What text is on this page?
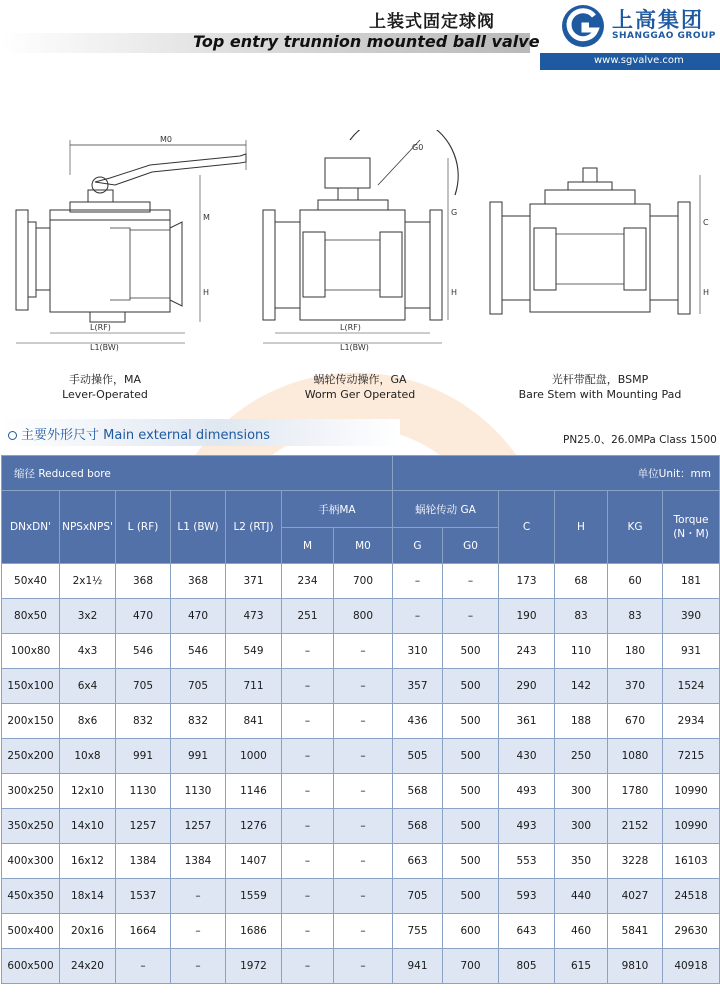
上装式固定球阀
Top entry trunnion mounted ball valve
上高集团
SHANGGAO GROUP
www.sgvalve.com
M0
M
H
L(RF)
L1(BW)
G0
G
H
L(RF)
L1(BW)
C
H
手动操作，MA
Lever-Operated
蜗轮传动操作，GA
Worm Ger Operated
光杆带配盘，BSMP
Bare Stem with Mounting Pad
主要外形尺寸 Main external dimensions	PN25.0、26.0MPa Class 1500
缩径 Reduced bore							单位Unit：mm					
DNxDN'	NPSxNPS'	L (RF)	L1 (BW)	L2 (RTJ)	手柄MA		蜗轮传动 GA		C	H	KG	Torque (N・M)
					M	M0	G	G0				
50x40	2x1½	368	368	371	234	700	–	–	173	68	60	181
80x50	3x2	470	470	473	251	800	–	–	190	83	83	390
100x80	4x3	546	546	549	–	–	310	500	243	110	180	931
150x100	6x4	705	705	711	–	–	357	500	290	142	370	1524
200x150	8x6	832	832	841	–	–	436	500	361	188	670	2934
250x200	10x8	991	991	1000	–	–	505	500	430	250	1080	7215
300x250	12x10	1130	1130	1146	–	–	568	500	493	300	1780	10990
350x250	14x10	1257	1257	1276	–	–	568	500	493	300	2152	10990
400x300	16x12	1384	1384	1407	–	–	663	500	553	350	3228	16103
450x350	18x14	1537	–	1559	–	–	705	500	593	440	4027	24518
500x400	20x16	1664	–	1686	–	–	755	600	643	460	5841	29630
600x500	24x20	–	–	1972	–	–	941	700	805	615	9810	40918
